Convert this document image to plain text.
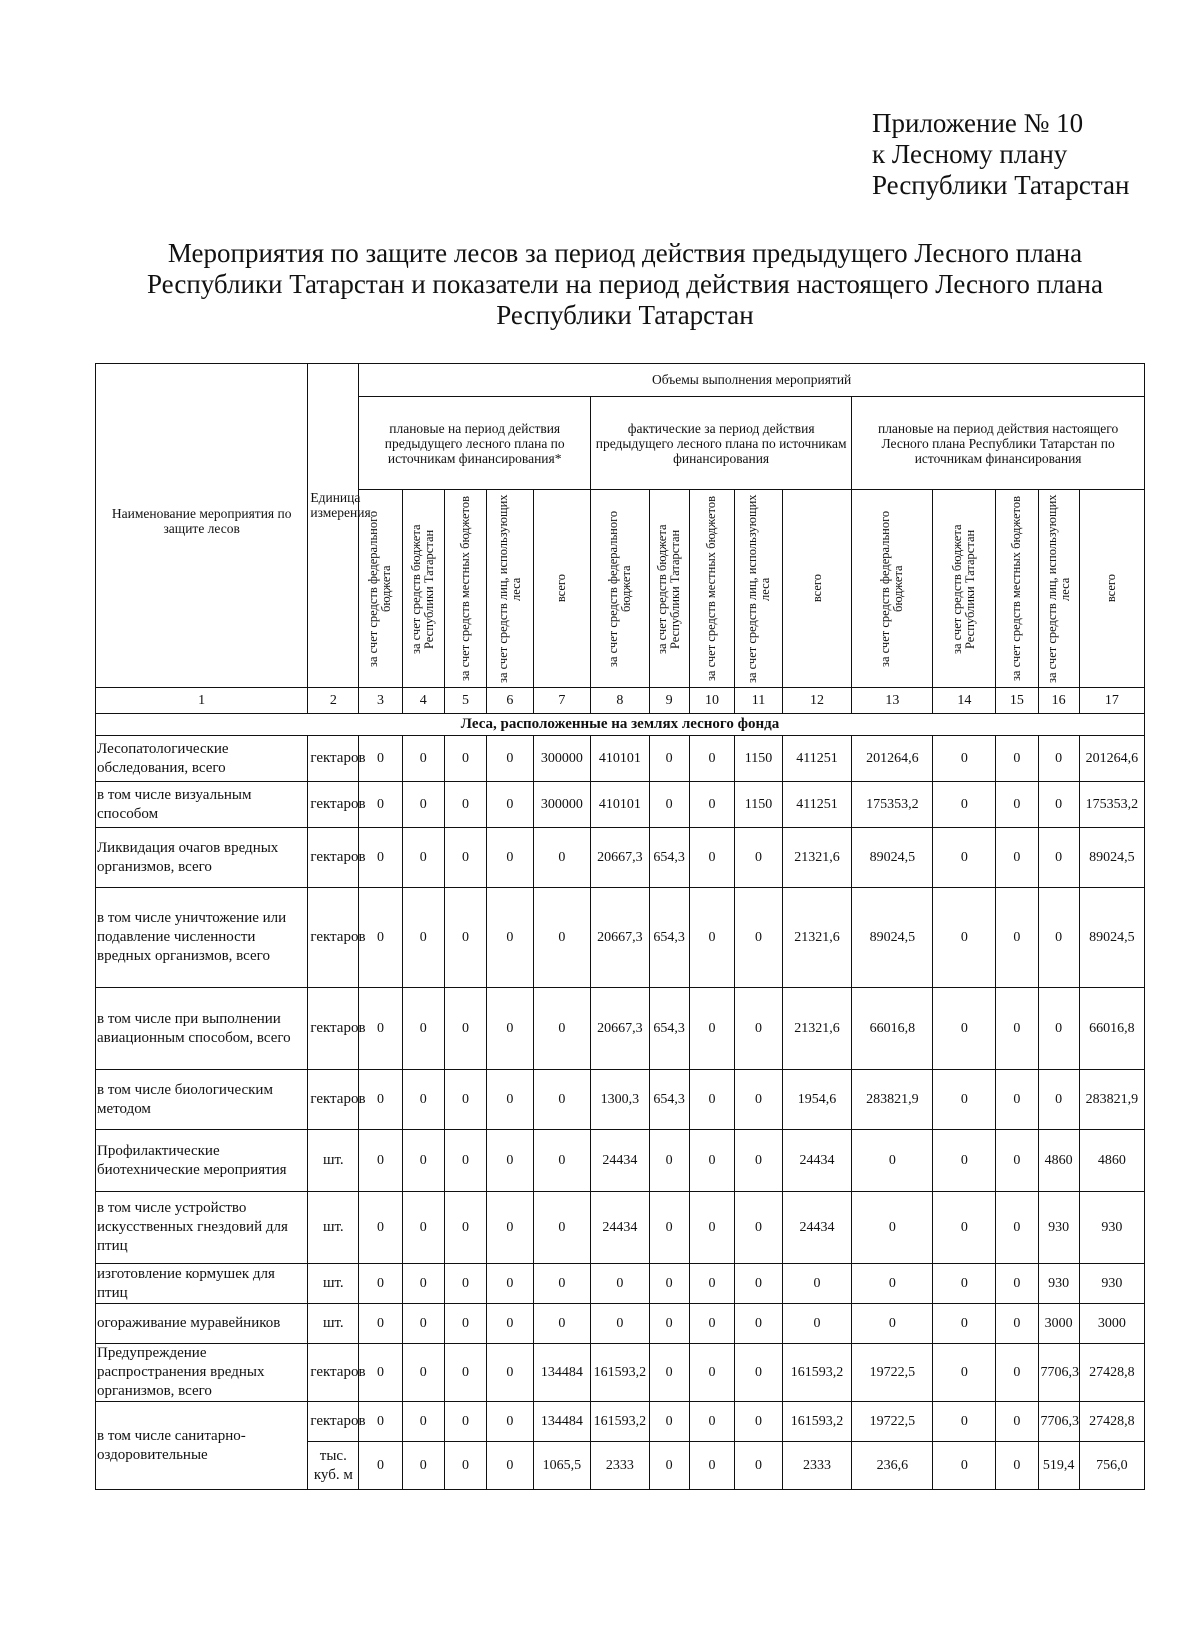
Приложение № 10
к Лесному плану
Республики Татарстан
Мероприятия по защите лесов за период действия предыдущего Лесного плана
Республики Татарстан и показатели на период действия настоящего Лесного плана
Республики Татарстан
Наименование мероприятия по защите лесов	Единица измерения	Объемы выполнения мероприятий														
		плановые на период действия предыдущего лесного плана по источникам финансирования*					фактические за период действия предыдущего лесного плана по источникам финансирования					плановые на период действия настоящего Лесного плана Республики Татарстан по источникам финансирования				

		за счет средств федерального бюджета	за счет средств бюджета Республики Татарстан	за счет средств местных бюджетов	за счет средств лиц, использующих леса	всего	за счет средств федерального бюджета	за счет средств бюджета Республики Татарстан	за счет средств местных бюджетов	за счет средств лиц, использующих леса	всего	за счет средств федерального бюджета	за счет средств бюджета Республики Татарстан	за счет средств местных бюджетов	за счет средств лиц, использующих леса	всего

1	2	3	4	5	6	7	8	9	10	11	12	13	14	15	16	17
Леса, расположенные на землях лесного фонда																
Лесопатологические обследования, всего	гектаров	0	0	0	0	300000	410101	0	0	1150	411251	201264,6	0	0	0	201264,6
в том числе визуальным способом	гектаров	0	0	0	0	300000	410101	0	0	1150	411251	175353,2	0	0	0	175353,2
Ликвидация очагов вредных организмов, всего	гектаров	0	0	0	0	0	20667,3	654,3	0	0	21321,6	89024,5	0	0	0	89024,5
в том числе уничтожение или подавление численности вредных организмов, всего	гектаров	0	0	0	0	0	20667,3	654,3	0	0	21321,6	89024,5	0	0	0	89024,5
в том числе при выполнении авиационным способом, всего	гектаров	0	0	0	0	0	20667,3	654,3	0	0	21321,6	66016,8	0	0	0	66016,8
в том числе биологическим методом	гектаров	0	0	0	0	0	1300,3	654,3	0	0	1954,6	283821,9	0	0	0	283821,9
Профилактические биотехнические мероприятия	шт.	0	0	0	0	0	24434	0	0	0	24434	0	0	0	4860	4860
в том числе устройство искусственных гнездовий для птиц	шт.	0	0	0	0	0	24434	0	0	0	24434	0	0	0	930	930
изготовление кормушек для птиц	шт.	0	0	0	0	0	0	0	0	0	0	0	0	0	930	930
огораживание муравейников	шт.	0	0	0	0	0	0	0	0	0	0	0	0	0	3000	3000
Предупреждение распространения вредных организмов, всего	гектаров	0	0	0	0	134484	161593,2	0	0	0	161593,2	19722,5	0	0	7706,3	27428,8
в том числе санитарно-оздоровительные	гектаров	0	0	0	0	134484	161593,2	0	0	0	161593,2	19722,5	0	0	7706,3	27428,8
	тыс. куб. м	0	0	0	0	1065,5	2333	0	0	0	2333	236,6	0	0	519,4	756,0
